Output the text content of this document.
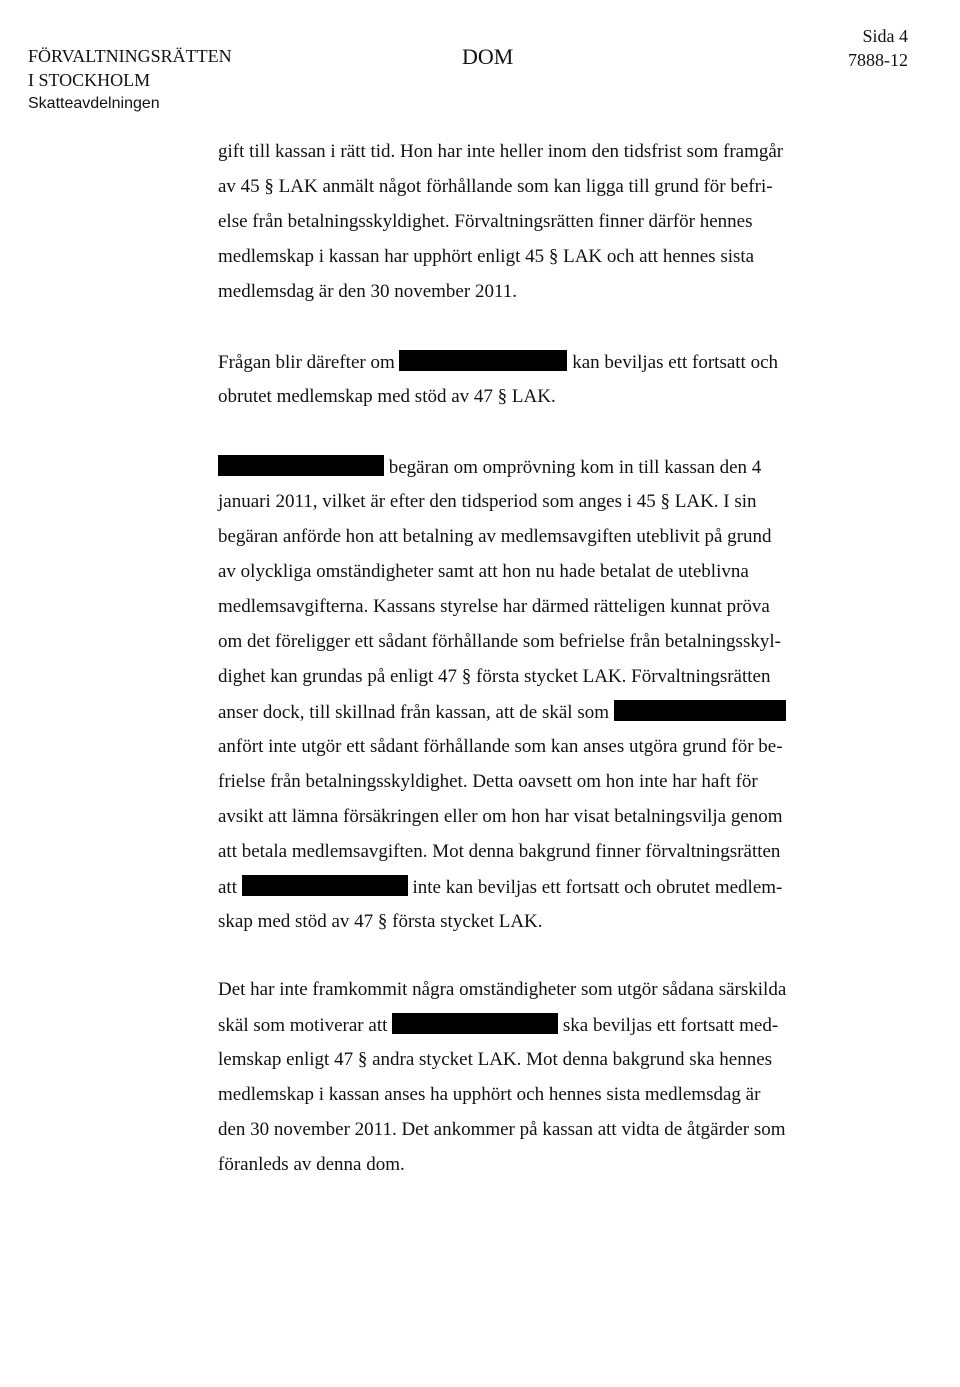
FÖRVALTNINGSRÄTTEN
I STOCKHOLM
Skatteavdelningen
DOM
Sida 4
7888-12
gift till kassan i rätt tid. Hon har inte heller inom den tidsfrist som framgår
av 45 § LAK anmält något förhållande som kan ligga till grund för befri-
else från betalningsskyldighet. Förvaltningsrätten finner därför hennes
medlemskap i kassan har upphört enligt 45 § LAK och att hennes sista
medlemsdag är den 30 november 2011.
Frågan blir därefter om	kan beviljas ett fortsatt och
obrutet medlemskap med stöd av 47 § LAK.
begäran om omprövning kom in till kassan den 4
januari 2011, vilket är efter den tidsperiod som anges i 45 § LAK. I sin
begäran anförde hon att betalning av medlemsavgiften uteblivit på grund
av olyckliga omständigheter samt att hon nu hade betalat de uteblivna
medlemsavgifterna. Kassans styrelse har därmed rätteligen kunnat pröva
om det föreligger ett sådant förhållande som befrielse från betalningsskyl-
dighet kan grundas på enligt 47 § första stycket LAK. Förvaltningsrätten
anser dock, till skillnad från kassan, att de skäl som
anfört inte utgör ett sådant förhållande som kan anses utgöra grund för be-
frielse från betalningsskyldighet. Detta oavsett om hon inte har haft för
avsikt att lämna försäkringen eller om hon har visat betalningsvilja genom
att betala medlemsavgiften. Mot denna bakgrund finner förvaltningsrätten
att	inte kan beviljas ett fortsatt och obrutet medlem-
skap med stöd av 47 § första stycket LAK.
Det har inte framkommit några omständigheter som utgör sådana särskilda
skäl som motiverar att	ska beviljas ett fortsatt med-
lemskap enligt 47 § andra stycket LAK. Mot denna bakgrund ska hennes
medlemskap i kassan anses ha upphört och hennes sista medlemsdag är
den 30 november 2011. Det ankommer på kassan att vidta de åtgärder som
föranleds av denna dom.
